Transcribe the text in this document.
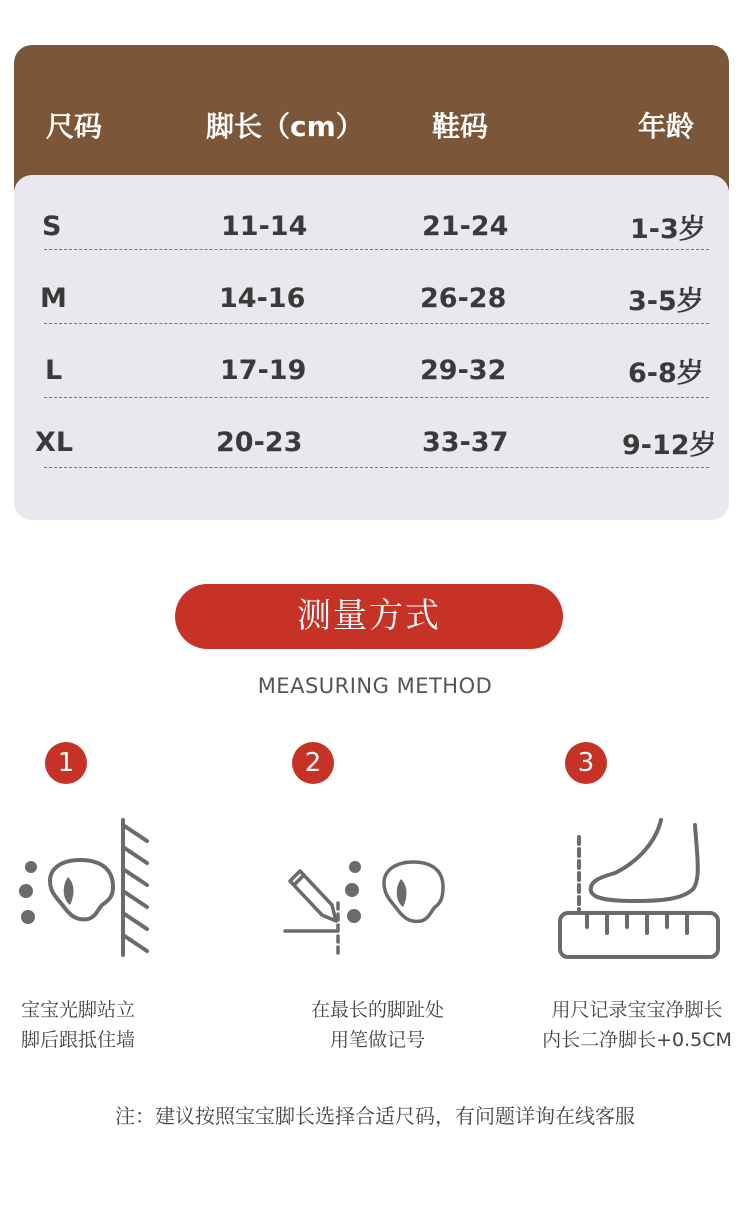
尺码	脚长（cm） 鞋码	年龄
S	11-14	21-24	1-3岁
M	14-16	26-28	3-5岁
L	17-19	29-32	6-8岁
XL	20-23	33-37	9-12岁
测量方式
MEASURING METHOD
1
宝宝光脚站立
脚后跟抵住墙
2
在最长的脚趾处
用笔做记号
3
用尺记录宝宝净脚长
内长二净脚长+0.5CM
注：建议按照宝宝脚长选择合适尺码，有问题详询在线客服
